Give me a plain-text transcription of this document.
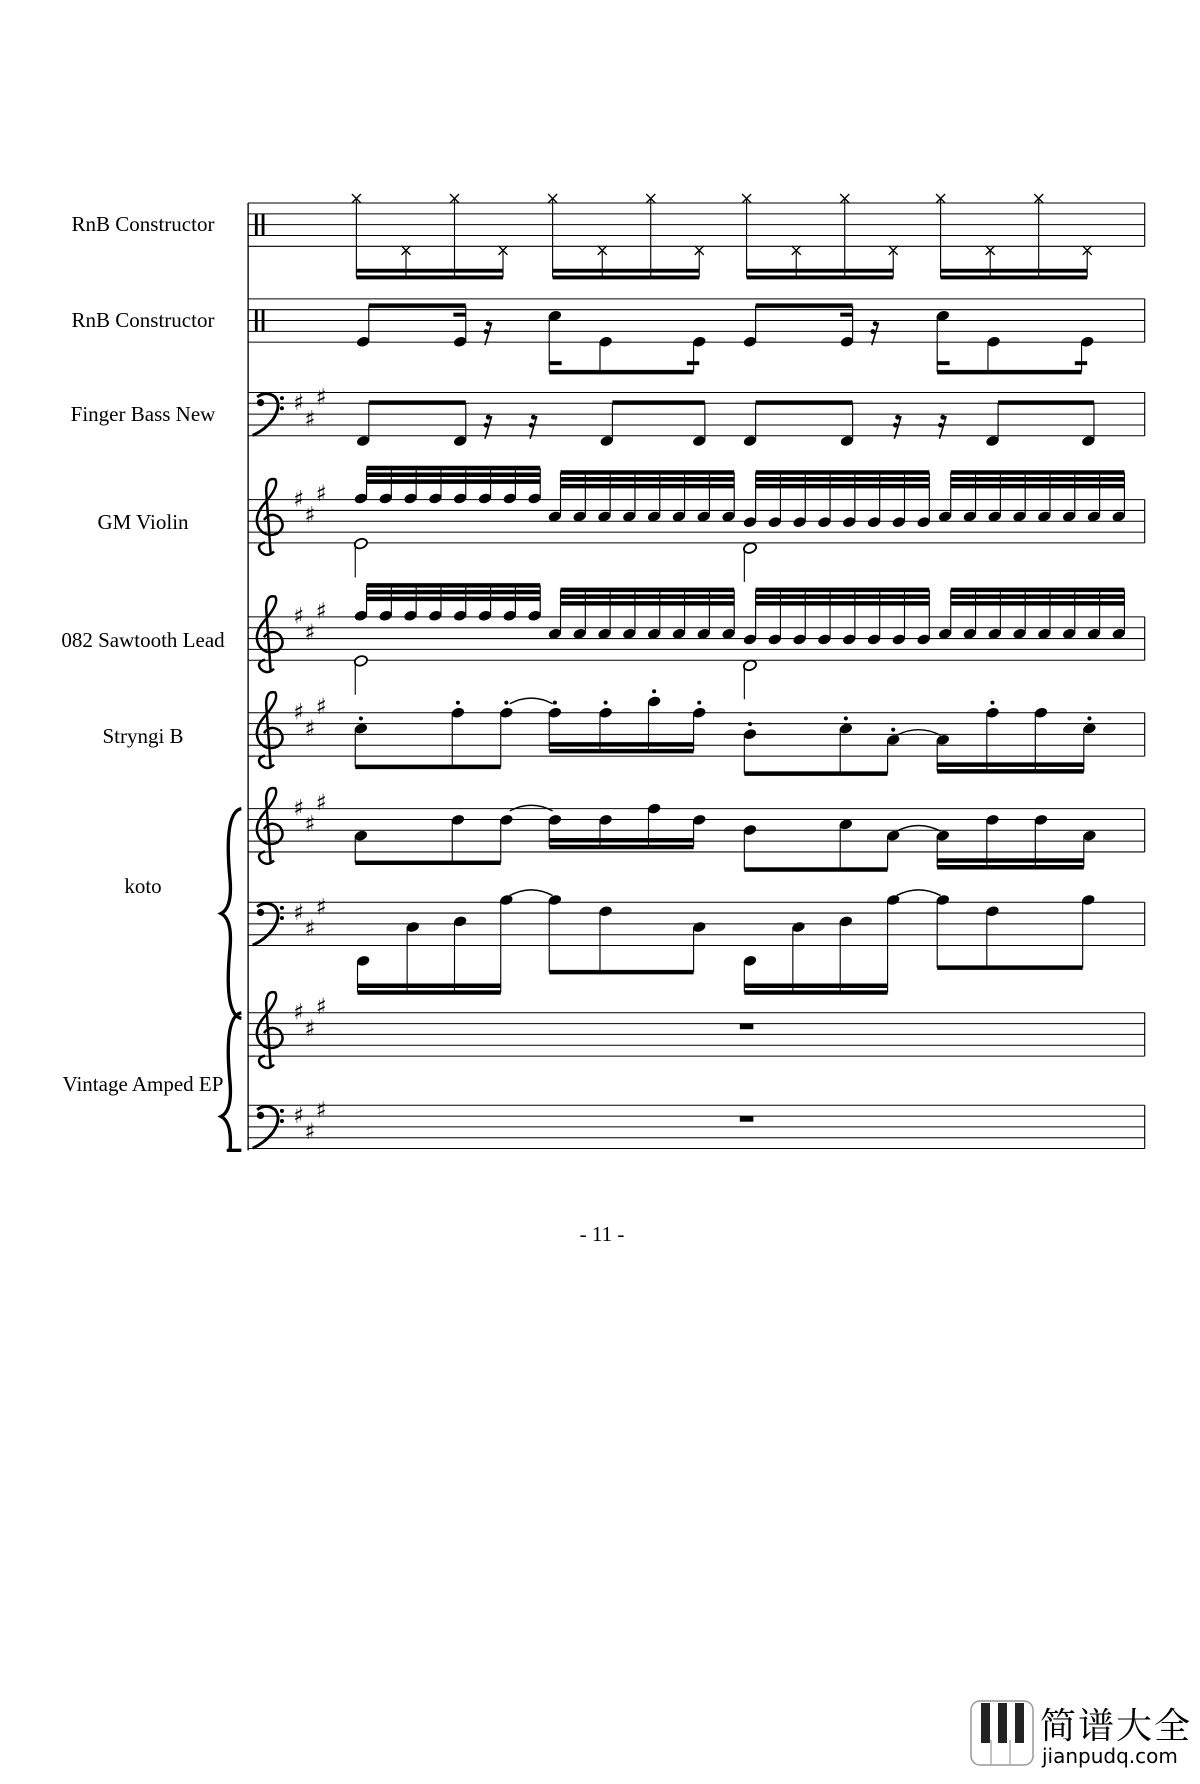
♯
♯
♯
♯
♯
♯
♯
♯
♯
♯
♯
♯
♯
♯
♯
♯
♯
♯
♯
♯
♯
♯
♯
♯
RnB Constructor
RnB Constructor
Finger Bass New
GM Violin
082 Sawtooth Lead
Stryngi B
koto
Vintage Amped EP
- 11 -
简谱大全
jianpudq.com
